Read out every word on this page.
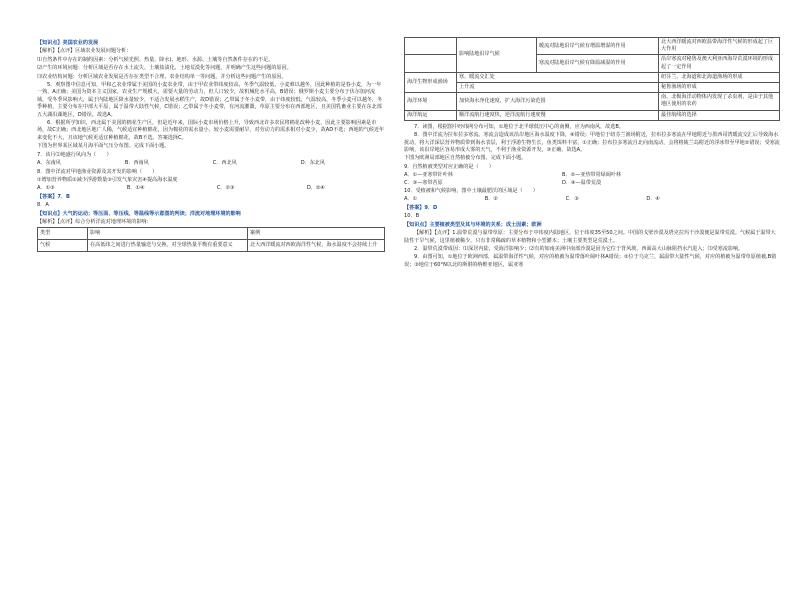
【知识点】美国农业的发展

【解析】【点评】区域农业发展问题分析：

⑴自然条件中存在的制约因素：分析气候光照、热量、降水)、地形、水源、土壤等自然条件存在的不足。

⑵产生的环境问题：分析区域是否存在水土流失、土壤盐渍化、土地荒漠化等问题，并明确产生这些问题的原因。

⑶农业结构问题：分析区域农业发展是否存在类型不合理、农业结构单一等问题，并分析这些问题产生的原因。

5．观察图中信息可知，甲和乙农业带属于美国的小麦农业带，由于甲农业带纬度较高，冬季气温较低，小麦难以越冬，因此种植的是春小麦，为一年一熟，A正确；美国为资本主义国家，农业生产规模大，需要大量的劳动力，但人口较少，故机械化水平高，B错误；俄罗斯小麦主要分布于伏尔加河流域，受冬季风影响大，属于内陆地区降水量较少，不适合发展水稻生产，故D错误；乙带属于冬小麦带，由于纬度较低，气温较高，冬季小麦可以越冬，冬季种植，主要分布在中部大平原，属于温带大陆性气候，C错误；乙带属于冬小麦带，有河流灌溉，草原主要分布在西部地区，且美国乳畜业主要在东北部五大湖沿湖地区，D错误。故选A。

6．根据所学知识，西北属于美国的棉花生产区，但是近年来，国际小麦市场价格上升，导致西北许多农民将棉花改种小麦，因此主要影响因素是市场，故C正确；西北地区地广人稀，气候适宜种植棉花，因为棉花的需水量小，较小麦需要耐旱，对劳动力的需求相对小麦少，故AD不选；西地的气候近年来变化不大，且该地气候更适宜种植棉花，故B不选。答案选择C。

下图为世界某区域某月海平面气压分布图。完成下面小题。

7．该月⑴地盛行风向为（　　）

A．东南风	B．西南风	C．西北风	D．东北风

8．图中洋流对甲地渔业资源及其开发的影响（　　）

①增加营养物质②减少浮游数量③引发气象灾害④提高海水温度

A．①③	B．①④	C．②③	D．②④

【答案】7．B

8．A

【知识点】大气的运动；等压面、等压线、等温线等示意图的判读；洋流对地理环境的影响

【解析】【点评】综合分析洋流对地理环境的影响：

类型	影响	案例
气候	在高低纬之间进行热量输送与交换，对全球热量平衡有重要意义	北大西洋暖流对西欧海洋性气候，海水温度不会持续上升
	影响陆地沿岸气候	暖流对陆地沿岸气候有增温增湿的作用	北大西洋暖流对西欧温带海洋性气候的形成起了巨大作用
		寒流对陆地沿岸气候有降温减湿的作用	沿岸寒流对秘鲁及澳大利亚西海岸荒漠环境的形成起了一定作用
海洋生物形成渔场	寒、暖流交汇处		纽芬兰、北海道和北海道渔场的形成
	上升流		秘鲁渔场的形成
海洋环境	加快海水净化速度，扩大海洋污染范围		南、北极海洋动物体内发现了杀虫剂，是由于其他地区使用的农药
海洋航运	顺洋流航行速度快，逆洋流航行速度慢		最佳航线的选择

7．读图，根据图中经纬网分布可知，①地位于北半球低压中心的南侧，应为西南风，故选B。

8．图中洋流为拉布拉多寒流。寒流会造成该沿岸地区海水温度下降，④错误；甲地位于纽芬兰渔场附近，拉布拉多寒流在甲地附近与墨西哥湾暖流交汇后导致海水扰动，将大洋深层营养物质带到海水表层，利于浮游生物生长，鱼类饵料丰富，①正确；拉布拉多寒流自北向南流动，会将格陵兰岛附近的浮冰带至甲地②错误；受寒流影响，该沿岸地区容易形成大雾的天气，不利于渔业资源开发，③正确。故选A。

下图为欧洲局部地区自然植被分布图。完成下面小题。

9．自然植被类型对应正确的是（　　）

A．①—亚寒带针叶林	B．②—亚热带常绿阔叶林
C．③—寒带苔原	D．④—温带荒漠

10．受植被和气候影响，图中土壤最肥沃的区域是（　　）

A．①	B．②	C．③	D．④

【答案】9．D

10．B

【知识点】主要植被类型及其与环境的关系；成土因素；欧洲

【解析】【点评】1.温带荒漠与温带草原：主要分布于中纬度内陆地区，位于纬度35至50之间。中国的戈壁沙漠及塔克拉玛干沙漠便是温带荒漠。气候属于温带大陆性干旱气候，这里植被稀少，只有非常稀疏的草本植物和小型灌木；土壤主要类型是荒漠土。

2．温带荒漠带成因：⑴深居内陆，受海洋影响少；⑵有的如南美洲中南部沙漠是因为它位于背风坡，西面高大山脉阻挡水汽进入；⑶受寒流影响。

9．由图可知，①地位于欧洲西部，属温带海洋性气候，对应的植被为温带落叶阔叶林A错误；②位于乌克兰，属温带大陆性气候，对应的植被为温带草原植被,B错误；③地位于60°N以北的斯堪的纳维亚地区，属亚寒
